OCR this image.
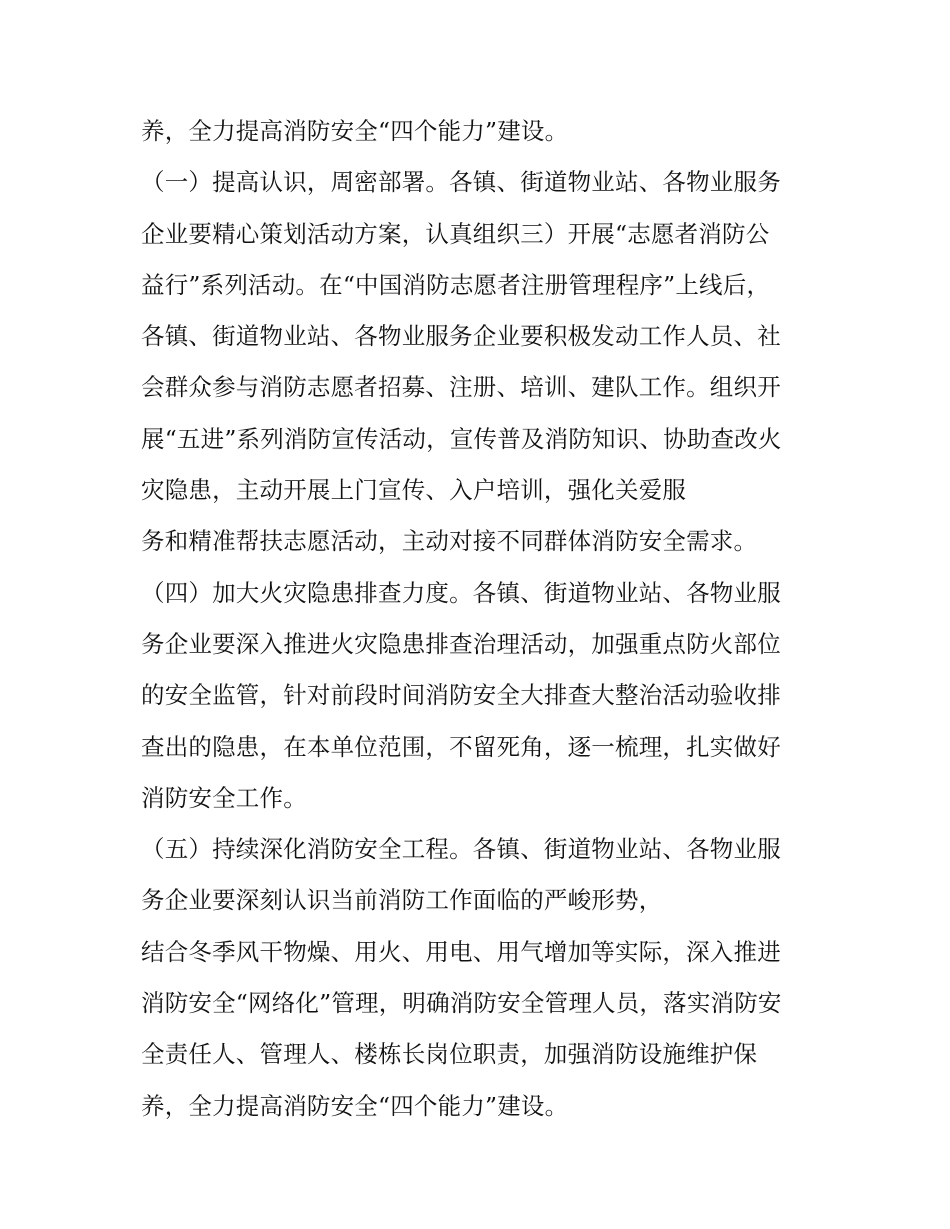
养，全力提高消防安全“四个能力”建设。
（一）提高认识，周密部署。各镇、街道物业站、各物业服务
企业要精心策划活动方案，认真组织三）开展“志愿者消防公
益行”系列活动。在“中国消防志愿者注册管理程序”上线后，
各镇、街道物业站、各物业服务企业要积极发动工作人员、社
会群众参与消防志愿者招募、注册、培训、建队工作。组织开
展“五进”系列消防宣传活动，宣传普及消防知识、协助查改火
灾隐患，主动开展上门宣传、入户培训，强化关爱服
务和精准帮扶志愿活动，主动对接不同群体消防安全需求。
（四）加大火灾隐患排查力度。各镇、街道物业站、各物业服
务企业要深入推进火灾隐患排查治理活动，加强重点防火部位
的安全监管，针对前段时间消防安全大排查大整治活动验收排
查出的隐患，在本单位范围，不留死角，逐一梳理，扎实做好
消防安全工作。
（五）持续深化消防安全工程。各镇、街道物业站、各物业服
务企业要深刻认识当前消防工作面临的严峻形势，
结合冬季风干物燥、用火、用电、用气增加等实际，深入推进
消防安全“网络化”管理，明确消防安全管理人员，落实消防安
全责任人、管理人、楼栋长岗位职责，加强消防设施维护保
养，全力提高消防安全“四个能力”建设。
